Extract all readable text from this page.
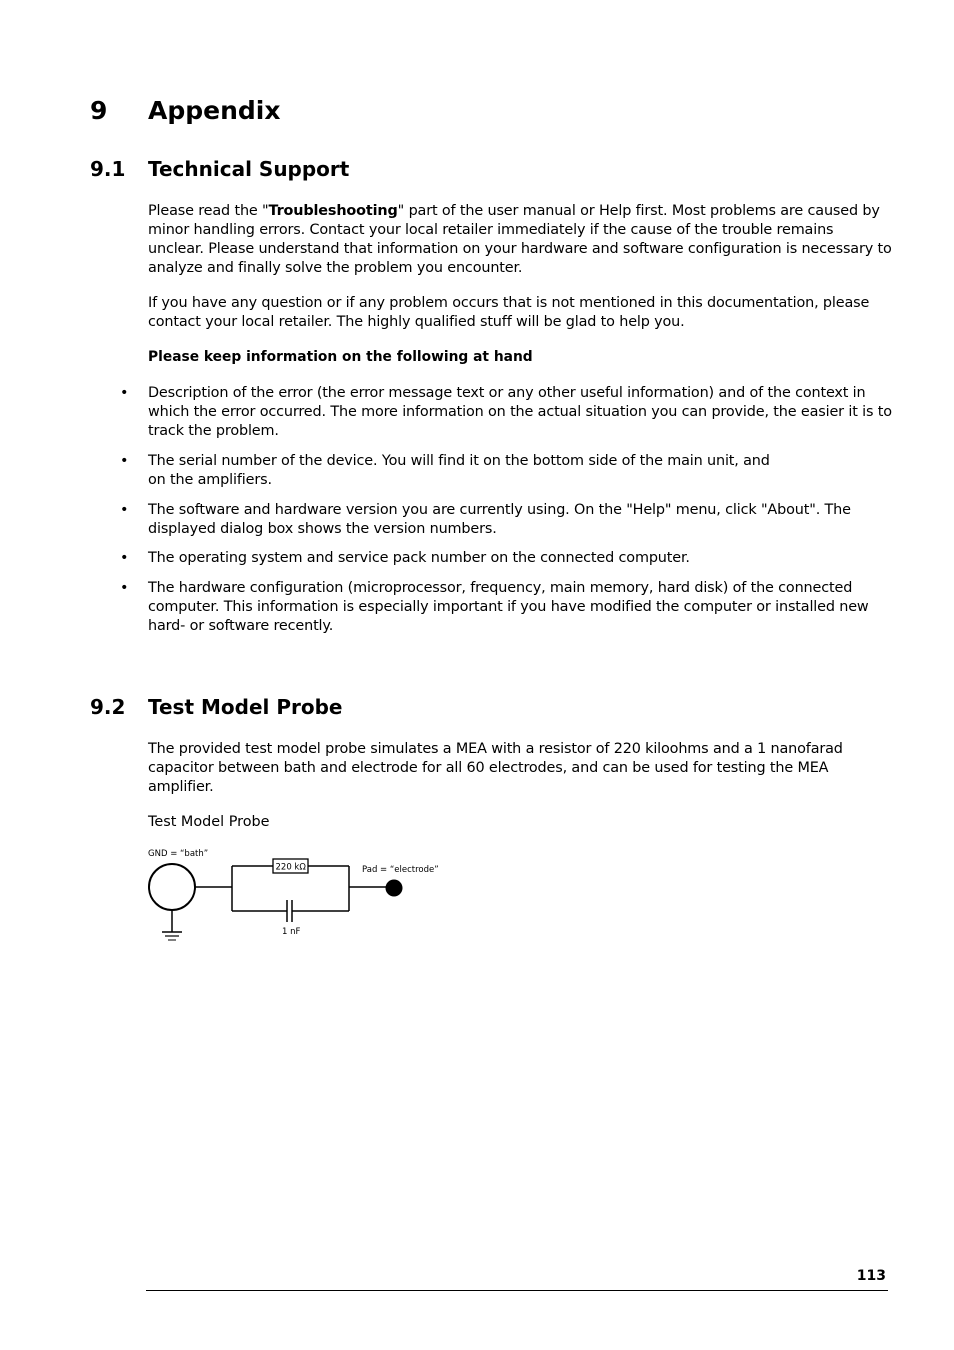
9 Appendix
9.1 Technical Support
Please read the "Troubleshooting" part of the user manual or Help first. Most problems are caused by minor handling errors. Contact your local retailer immediately if the cause of the trouble remains unclear. Please understand that information on your hardware and software configuration is necessary to analyze and finally solve the problem you encounter.
If you have any question or if any problem occurs that is not mentioned in this documentation, please contact your local retailer. The highly qualified stuff will be glad to help you.
Please keep information on the following at hand
• Description of the error (the error message text or any other useful information) and of the context in which the error occurred. The more information on the actual situation you can provide, the easier it is to track the problem.
• The serial number of the device. You will find it on the bottom side of the main unit, and on the amplifiers.
• The software and hardware version you are currently using. On the "Help" menu, click "About". The displayed dialog box shows the version numbers.
• The operating system and service pack number on the connected computer.
• The hardware configuration (microprocessor, frequency, main memory, hard disk) of the connected computer. This information is especially important if you have modified the computer or installed new hard- or software recently.
9.2 Test Model Probe
The provided test model probe simulates a MEA with a resistor of 220 kiloohms and a 1 nanofarad capacitor between bath and electrode for all 60 electrodes, and can be used for testing the MEA amplifier.
Test Model Probe
GND = “bath”
220 kΩ
1 nF
Pad = “electrode”
113
